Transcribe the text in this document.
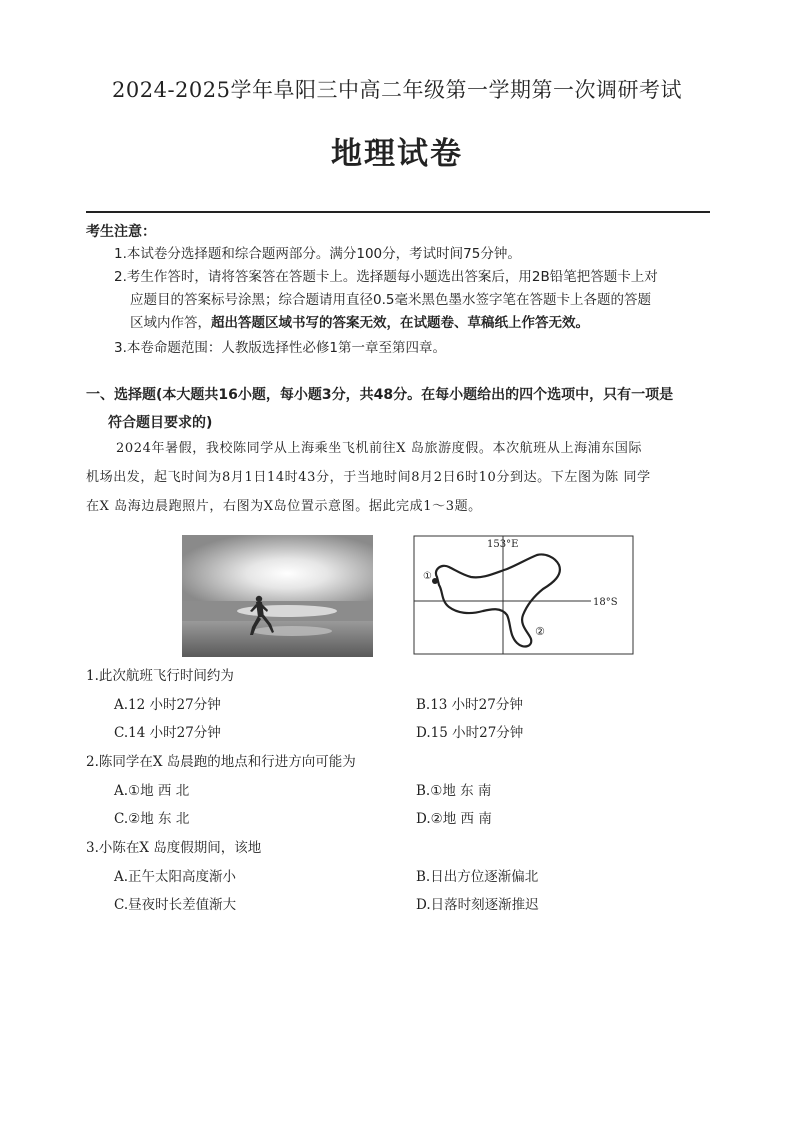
2024-2025学年阜阳三中高二年级第一学期第一次调研考试
地理试卷
考生注意：
1.本试卷分选择题和综合题两部分。满分100分，考试时间75分钟。
2.考生作答时，请将答案答在答题卡上。选择题每小题选出答案后，用2B铅笔把答题卡上对
应题目的答案标号涂黑；综合题请用直径0.5毫米黑色墨水签字笔在答题卡上各题的答题
区域内作答，超出答题区域书写的答案无效，在试题卷、草稿纸上作答无效。
3.本卷命题范围：人教版选择性必修1第一章至第四章。
一、选择题(本大题共16小题，每小题3分，共48分。在每小题给出的四个选项中，只有一项是
符合题目要求的)
2024年暑假，我校陈同学从上海乘坐飞机前往X 岛旅游度假。本次航班从上海浦东国际
机场出发，起飞时间为8月1日14时43分，于当地时间8月2日6时10分到达。下左图为陈 同学
在X 岛海边晨跑照片，右图为X岛位置示意图。据此完成1～3题。
153°E
18°S
①
②
1.此次航班飞行时间约为
A.12 小时27分钟	B.13 小时27分钟
C.14 小时27分钟	D.15 小时27分钟
2.陈同学在X 岛晨跑的地点和行进方向可能为
A.①地 西 北	B.①地 东 南
C.②地 东 北	D.②地 西 南
3.小陈在X 岛度假期间，该地
A.正午太阳高度渐小	B.日出方位逐渐偏北
C.昼夜时长差值渐大	D.日落时刻逐渐推迟
